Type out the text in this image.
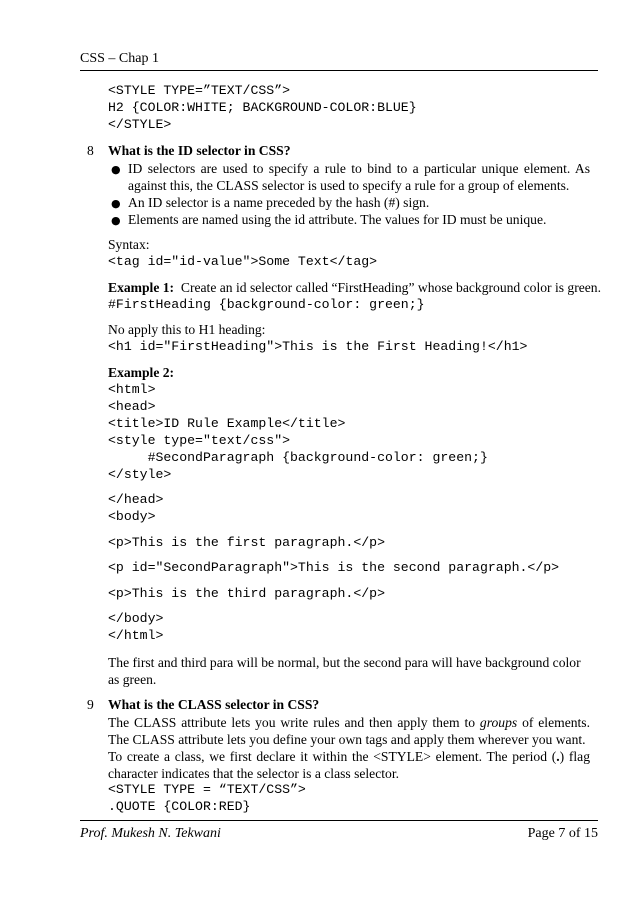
CSS – Chap 1
<STYLE TYPE=”TEXT/CSS”>
H2 {COLOR:WHITE; BACKGROUND-COLOR:BLUE}
</STYLE>
8 What is the ID selector in CSS?
● ID selectors are used to specify a rule to bind to a particular unique element. As against this, the CLASS selector is used to specify a rule for a group of elements.
● An ID selector is a name preceded by the hash (#) sign.
● Elements are named using the id attribute. The values for ID must be unique.
Syntax:
<tag id="id-value">Some Text</tag>
Example 1:  Create an id selector called “FirstHeading” whose background color is green.
#FirstHeading {background-color: green;}
No apply this to H1 heading:
<h1 id="FirstHeading">This is the First Heading!</h1>
Example 2:
<html>
<head>
<title>ID Rule Example</title>
<style type="text/css">
#SecondParagraph {background-color: green;}
</style>
</head>
<body>
<p>This is the first paragraph.</p>
<p id="SecondParagraph">This is the second paragraph.</p>
<p>This is the third paragraph.</p>
</body>
</html>
The first and third para will be normal, but the second para will have background color as green.
9 What is the CLASS selector in CSS?
The CLASS attribute lets you write rules and then apply them to groups of elements. The CLASS attribute lets you define your own tags and apply them wherever you want.
To create a class, we first declare it within the <STYLE> element. The period (.) flag character indicates that the selector is a class selector.
<STYLE TYPE = “TEXT/CSS”>
.QUOTE {COLOR:RED}
Prof. Mukesh N. Tekwani	Page 7 of 15
